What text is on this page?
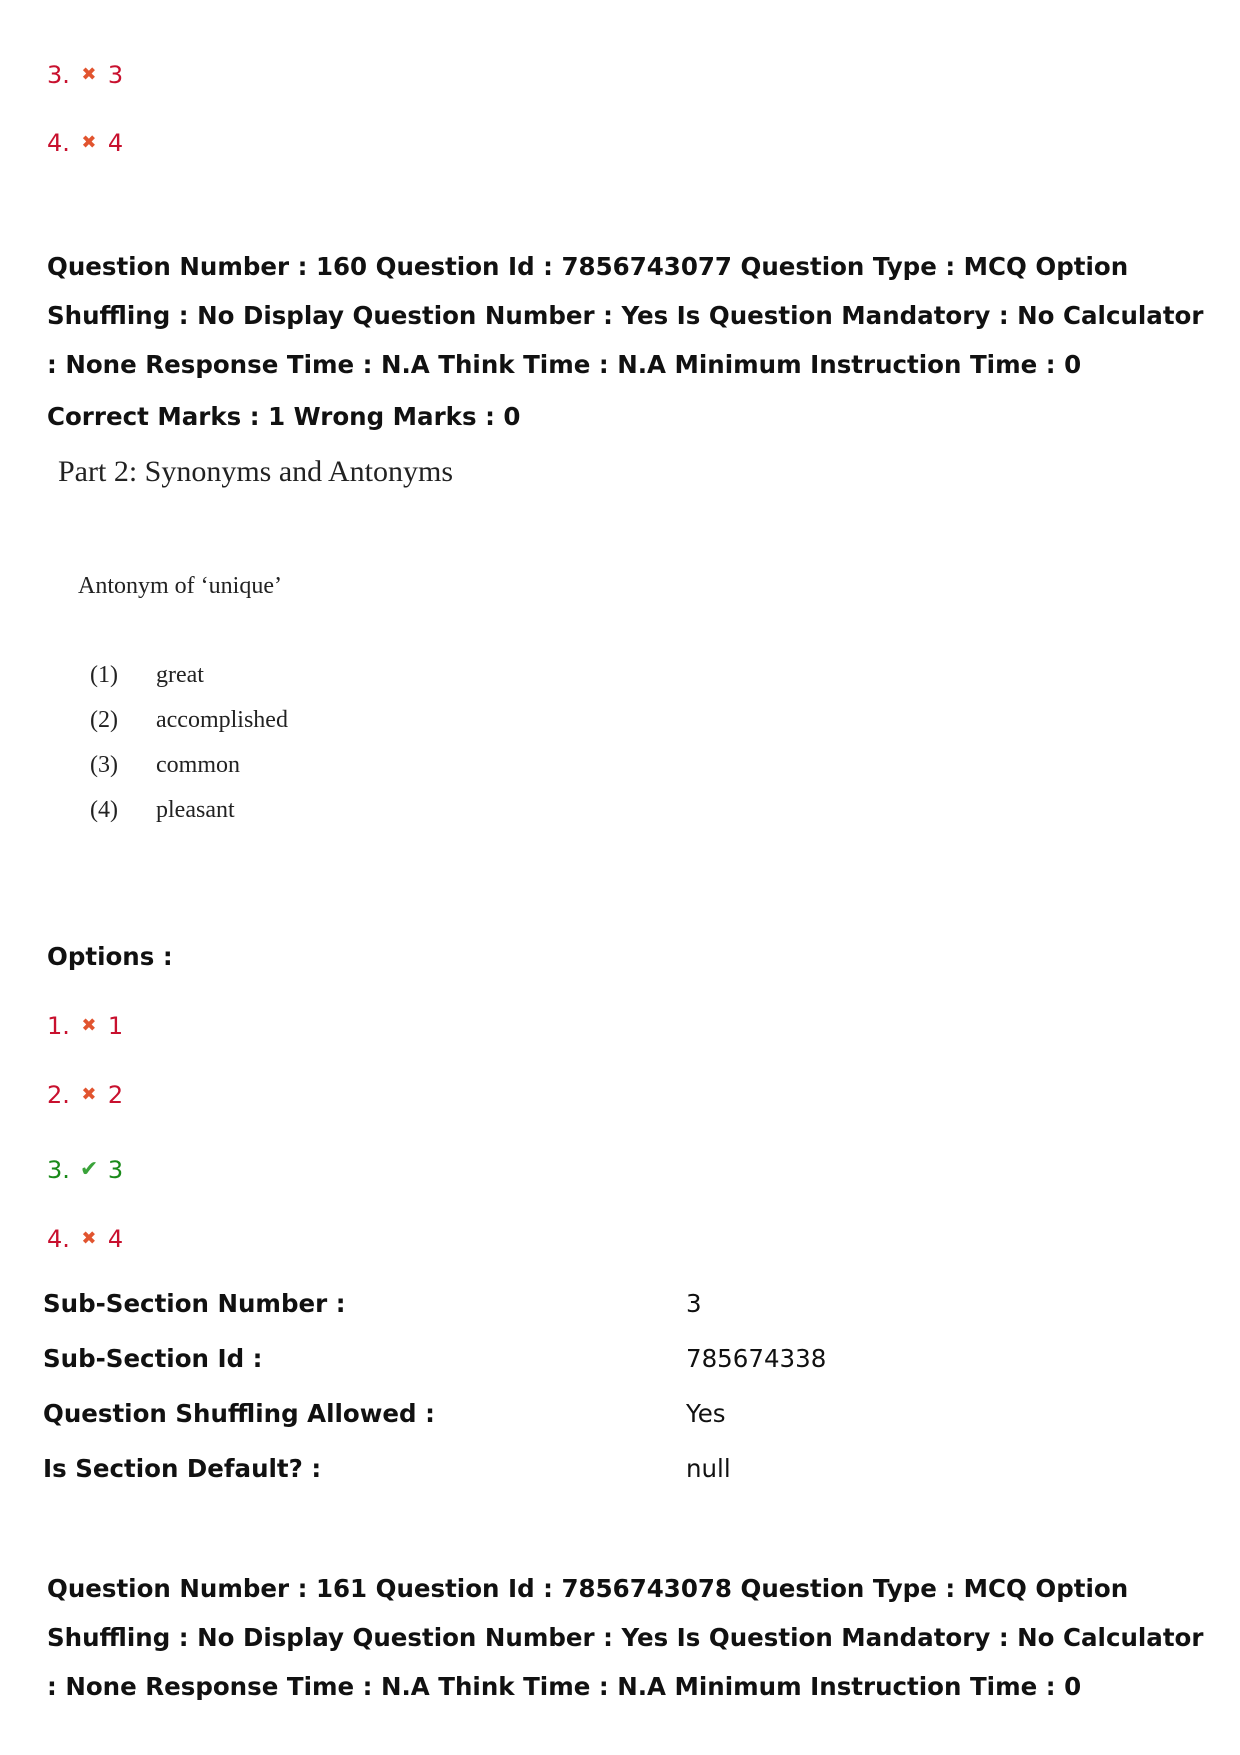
3. ✖ 3
4. ✖ 4
Question Number : 160 Question Id : 7856743077 Question Type : MCQ Option Shuffling : No Display Question Number : Yes Is Question Mandatory : No Calculator : None Response Time : N.A Think Time : N.A Minimum Instruction Time : 0
Correct Marks : 1 Wrong Marks : 0
Part 2: Synonyms and Antonyms
Antonym of ‘unique’
(1) great
(2) accomplished
(3) common
(4) pleasant
Options :
1. ✖ 1
2. ✖ 2
3. ✔ 3
4. ✖ 4
Sub-Section Number :	3
Sub-Section Id :	785674338
Question Shuffling Allowed :	Yes
Is Section Default? :	null
Question Number : 161 Question Id : 7856743078 Question Type : MCQ Option Shuffling : No Display Question Number : Yes Is Question Mandatory : No Calculator : None Response Time : N.A Think Time : N.A Minimum Instruction Time : 0
